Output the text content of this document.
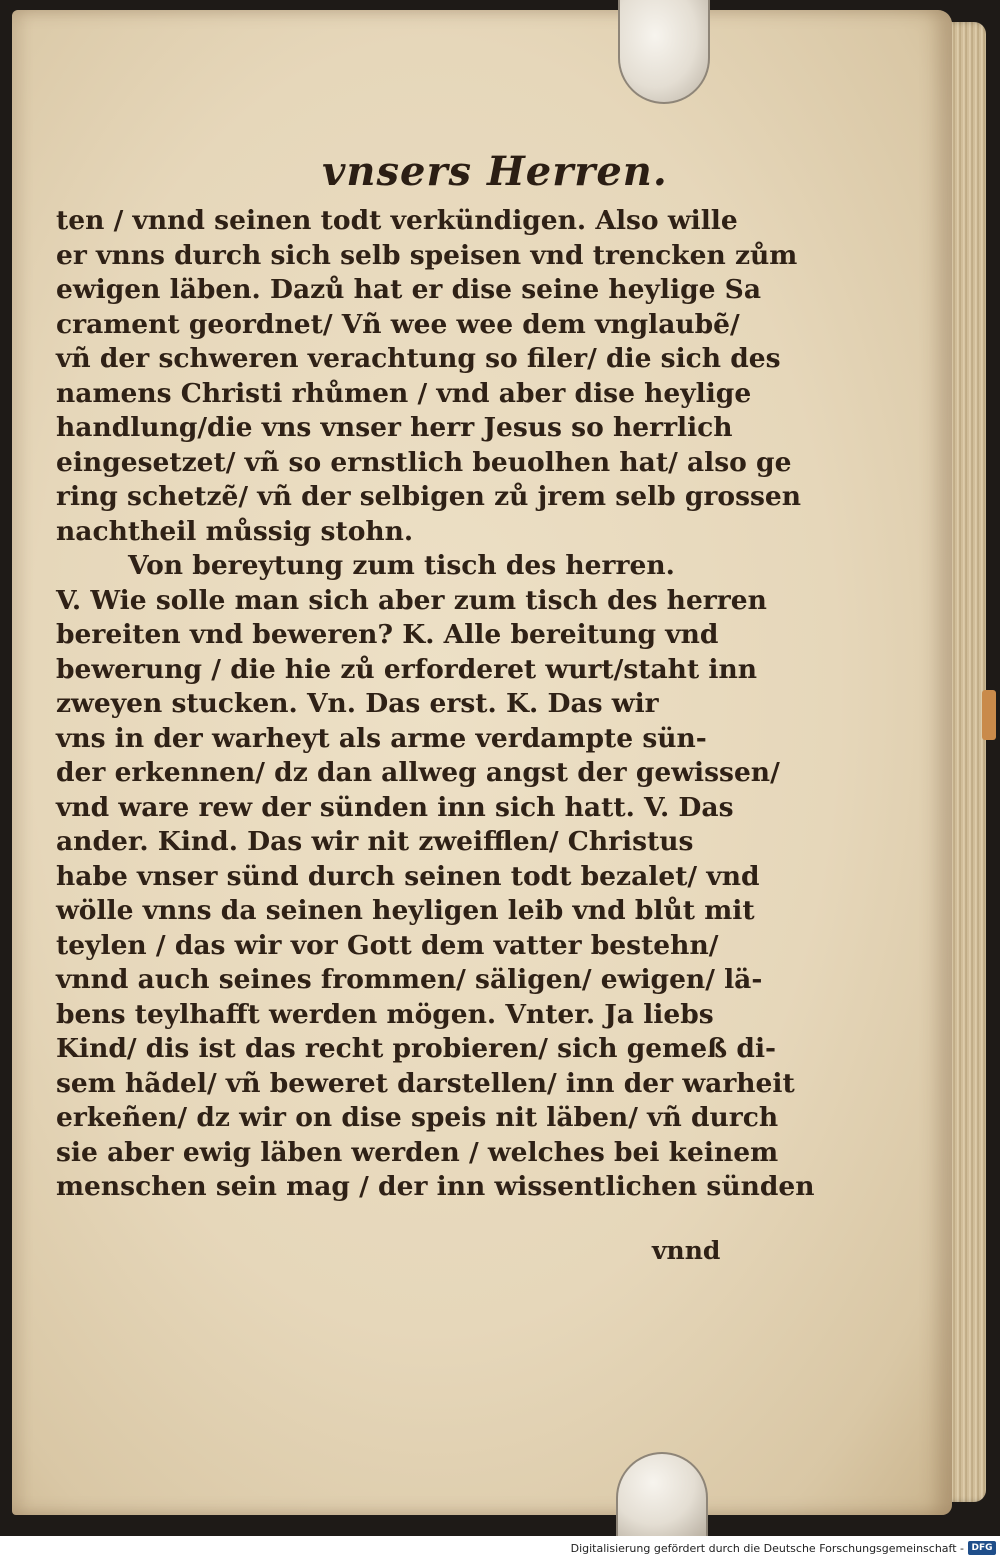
vnsers Herren.
ten / vnnd seinen todt verkündigen. Also wille
er vnns durch sich selb speisen vnd trencken zům
ewigen läben. Dazů hat er dise seine heylige Sa
crament geordnet/ Vñ wee wee dem vnglaubẽ/
vñ der schweren verachtung so filer/ die sich des
namens Christi rhůmen / vnd aber dise heylige
handlung/die vns vnser herr Jesus so herrlich
eingesetzet/ vñ so ernstlich beuolhen hat/ also ge
ring schetzẽ/ vñ der selbigen zů jrem selb grossen
nachtheil můssig stohn.
Von bereytung zum tisch des herren.
V. Wie solle man sich aber zum tisch des herren
bereiten vnd beweren? K. Alle bereitung vnd
bewerung / die hie zů erforderet wurt/staht inn
zweyen stucken. Vn. Das erst. K. Das wir
vns in der warheyt als arme verdampte sün-
der erkennen/ dz dan allweg angst der gewissen/
vnd ware rew der sünden inn sich hatt. V. Das
ander. Kind. Das wir nit zweifflen/ Christus
habe vnser sünd durch seinen todt bezalet/ vnd
wölle vnns da seinen heyligen leib vnd blůt mit
teylen / das wir vor Gott dem vatter bestehn/
vnnd auch seines frommen/ säligen/ ewigen/ lä-
bens teylhafft werden mögen. Vnter. Ja liebs
Kind/ dis ist das recht probieren/ sich gemeß di-
sem hãdel/ vñ beweret darstellen/ inn der warheit
erkeñen/ dz wir on dise speis nit läben/ vñ durch
sie aber ewig läben werden / welches bei keinem
menschen sein mag / der inn wissentlichen sünden
vnnd
Digitalisierung gefördert durch die Deutsche Forschungsgemeinschaft - DFG
